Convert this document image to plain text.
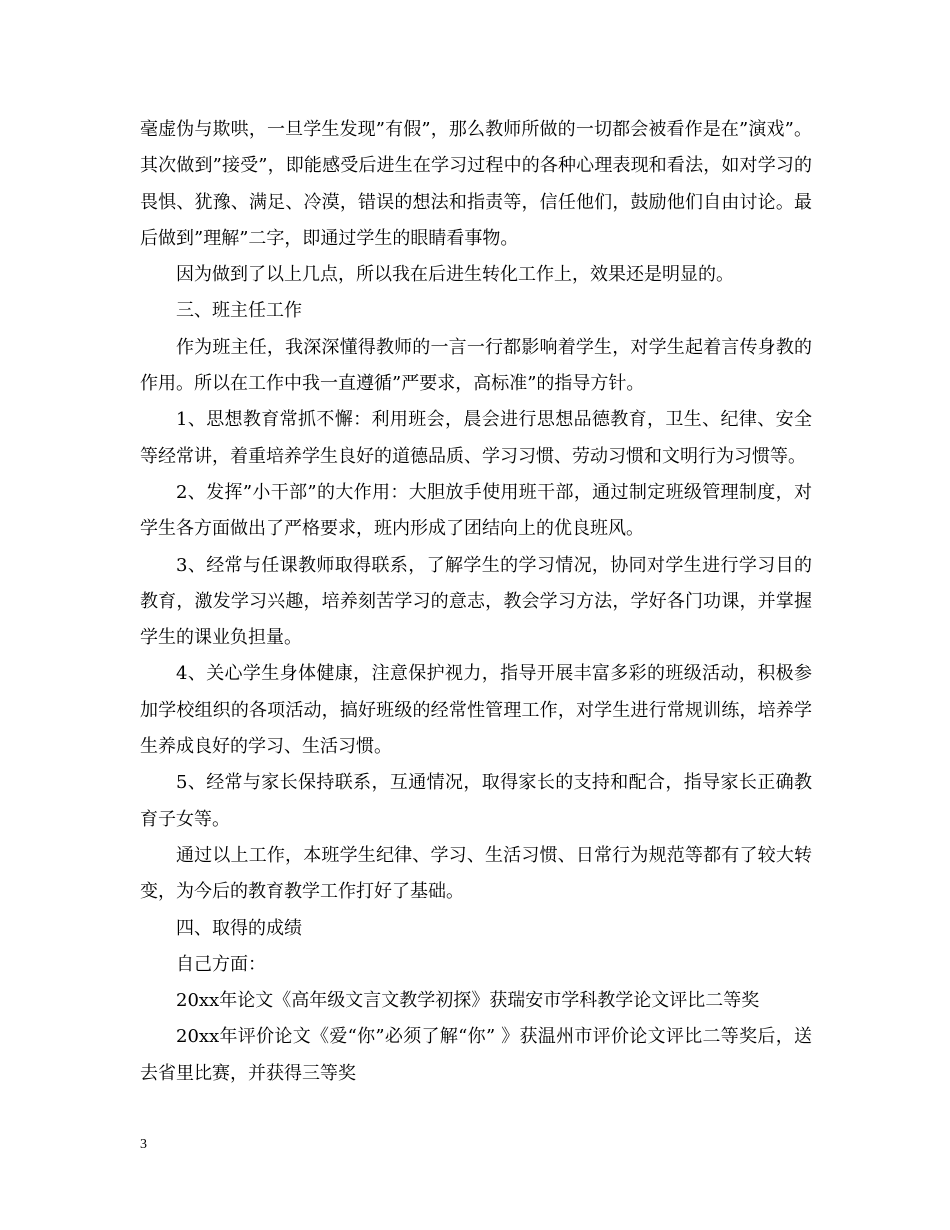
毫虚伪与欺哄，一旦学生发现”有假”，那么教师所做的一切都会被看作是在”演戏”。其次做到”接受”，即能感受后进生在学习过程中的各种心理表现和看法，如对学习的畏惧、犹豫、满足、冷漠，错误的想法和指责等，信任他们，鼓励他们自由讨论。最后做到”理解”二字，即通过学生的眼睛看事物。

因为做到了以上几点，所以我在后进生转化工作上，效果还是明显的。

三、班主任工作

作为班主任，我深深懂得教师的一言一行都影响着学生，对学生起着言传身教的作用。所以在工作中我一直遵循”严要求，高标准”的指导方针。

1、思想教育常抓不懈：利用班会，晨会进行思想品德教育，卫生、纪律、安全等经常讲，着重培养学生良好的道德品质、学习习惯、劳动习惯和文明行为习惯等。

2、发挥”小干部”的大作用：大胆放手使用班干部，通过制定班级管理制度，对学生各方面做出了严格要求，班内形成了团结向上的优良班风。

3、经常与任课教师取得联系，了解学生的学习情况，协同对学生进行学习目的教育，激发学习兴趣，培养刻苦学习的意志，教会学习方法，学好各门功课，并掌握学生的课业负担量。

4、关心学生身体健康，注意保护视力，指导开展丰富多彩的班级活动，积极参加学校组织的各项活动，搞好班级的经常性管理工作，对学生进行常规训练，培养学生养成良好的学习、生活习惯。

5、经常与家长保持联系，互通情况，取得家长的支持和配合，指导家长正确教育子女等。

通过以上工作，本班学生纪律、学习、生活习惯、日常行为规范等都有了较大转变，为今后的教育教学工作打好了基础。

四、取得的成绩

自己方面：

20xx年论文《高年级文言文教学初探》获瑞安市学科教学论文评比二等奖

20xx年评价论文《爱“你”必须了解“你” 》获温州市评价论文评比二等奖后，送去省里比赛，并获得三等奖

3
